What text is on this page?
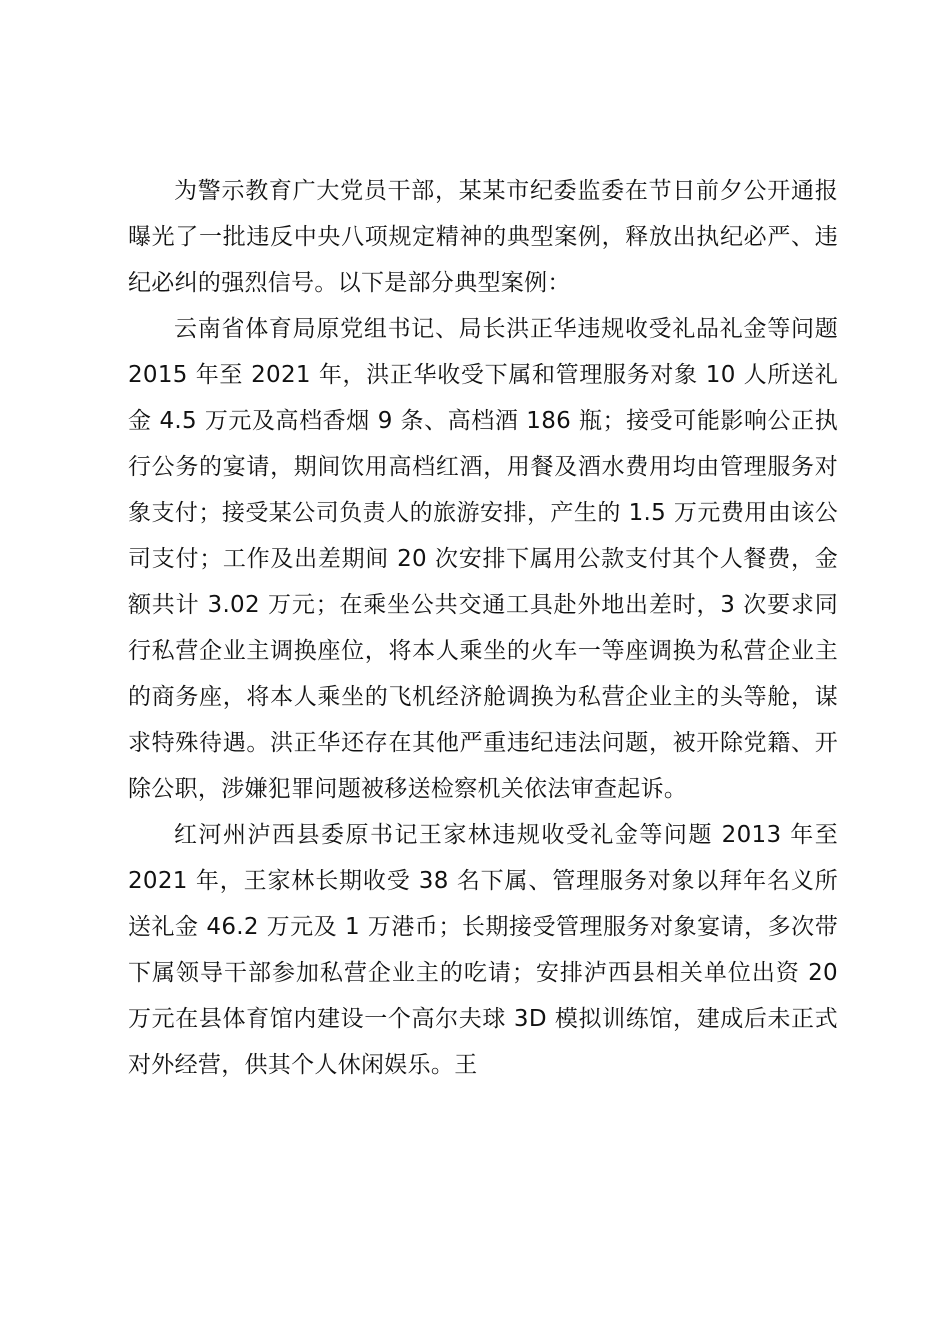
为警示教育广大党员干部，某某市纪委监委在节日前夕公开通报曝光了一批违反中央八项规定精神的典型案例，释放出执纪必严、违纪必纠的强烈信号。以下是部分典型案例：

云南省体育局原党组书记、局长洪正华违规收受礼品礼金等问题 2015 年至 2021 年，洪正华收受下属和管理服务对象 10 人所送礼金 4.5 万元及高档香烟 9 条、高档酒 186 瓶；接受可能影响公正执行公务的宴请，期间饮用高档红酒，用餐及酒水费用均由管理服务对象支付；接受某公司负责人的旅游安排，产生的 1.5 万元费用由该公司支付；工作及出差期间 20 次安排下属用公款支付其个人餐费，金额共计 3.02 万元；在乘坐公共交通工具赴外地出差时，3 次要求同行私营企业主调换座位，将本人乘坐的火车一等座调换为私营企业主的商务座，将本人乘坐的飞机经济舱调换为私营企业主的头等舱，谋求特殊待遇。洪正华还存在其他严重违纪违法问题，被开除党籍、开除公职，涉嫌犯罪问题被移送检察机关依法审查起诉。

红河州泸西县委原书记王家林违规收受礼金等问题 2013 年至 2021 年，王家林长期收受 38 名下属、管理服务对象以拜年名义所送礼金 46.2 万元及 1 万港币；长期接受管理服务对象宴请，多次带下属领导干部参加私营企业主的吃请；安排泸西县相关单位出资 20 万元在县体育馆内建设一个高尔夫球 3D 模拟训练馆，建成后未正式对外经营，供其个人休闲娱乐。王
